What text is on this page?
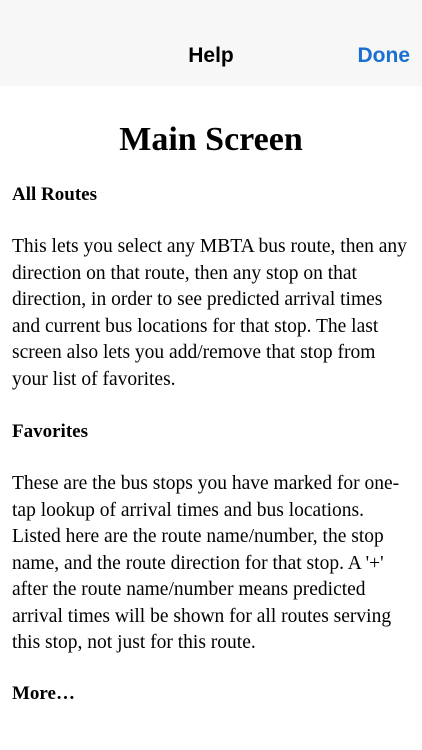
Help	Done
Main Screen
All Routes
This lets you select any MBTA bus route, then any direction on that route, then any stop on that direction, in order to see predicted arrival times and current bus locations for that stop. The last screen also lets you add/remove that stop from your list of favorites.
Favorites
These are the bus stops you have marked for one-tap lookup of arrival times and bus locations. Listed here are the route name/number, the stop name, and the route direction for that stop. A '+' after the route name/number means predicted arrival times will be shown for all routes serving this stop, not just for this route.
More…
